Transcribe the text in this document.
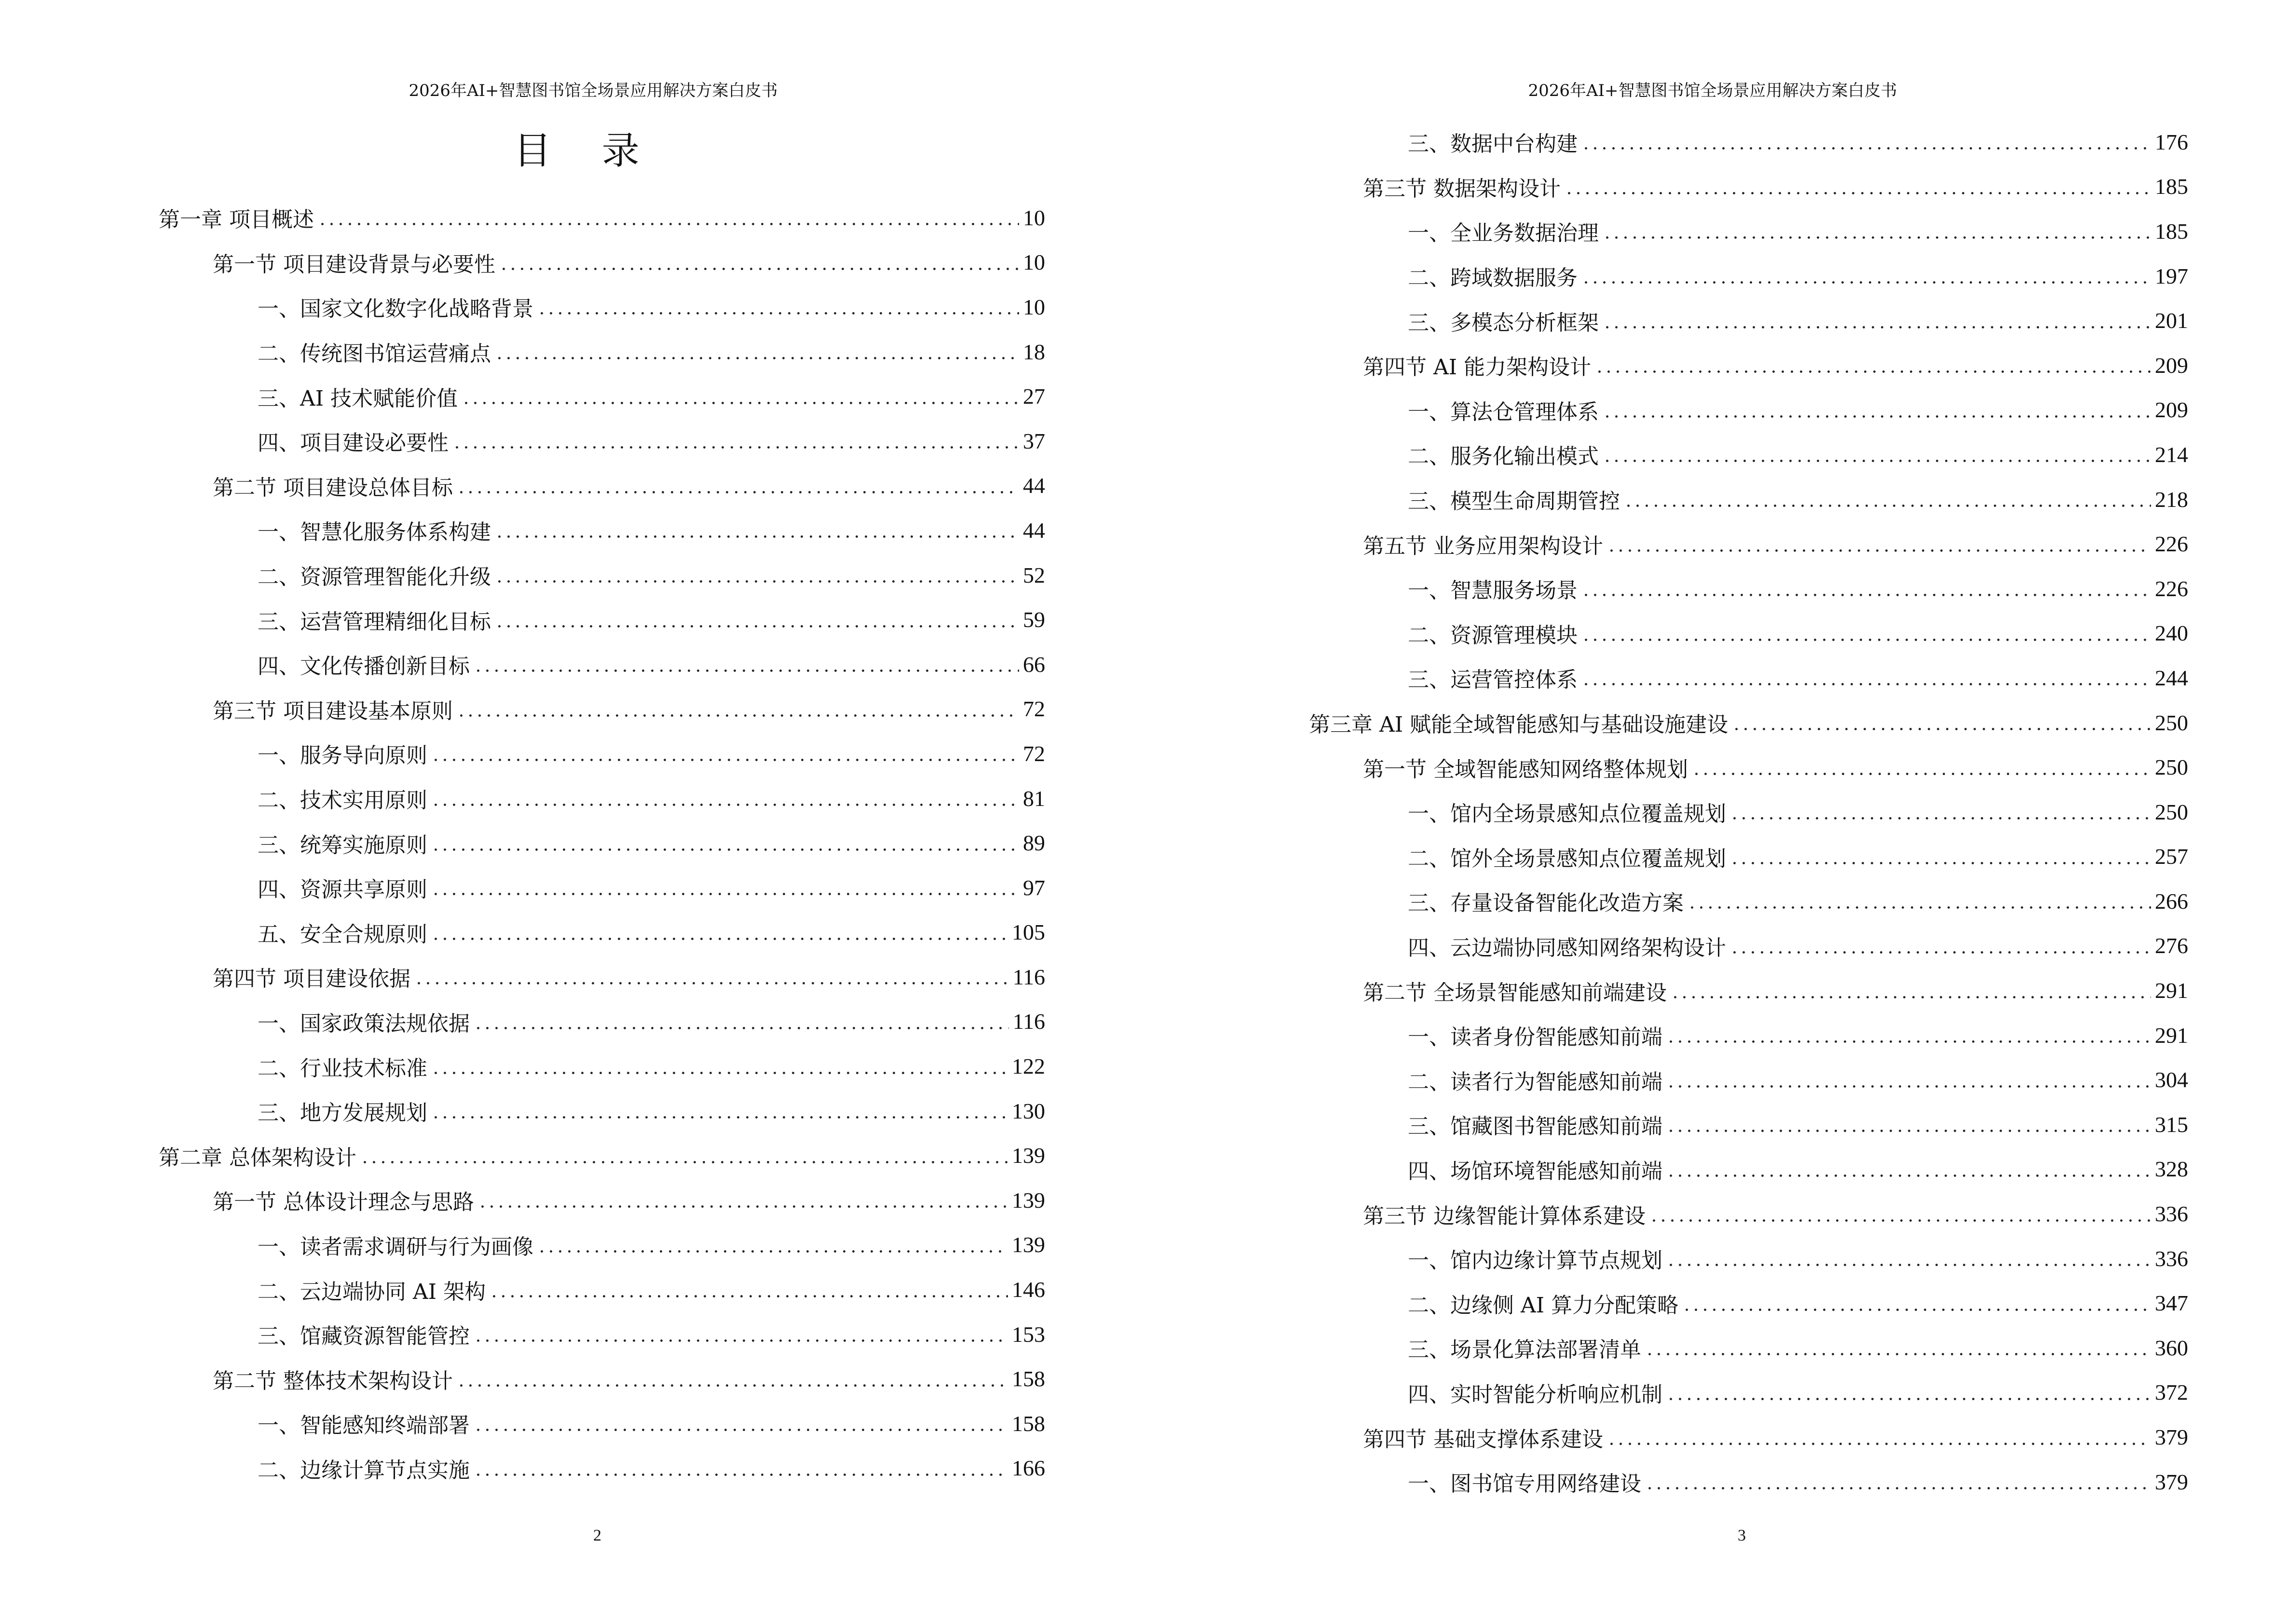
2026年AI+智慧图书馆全场景应用解决方案白皮书
目 录
第一章 项目概述	10
第一节 项目建设背景与必要性	10
一、国家文化数字化战略背景	10
二、传统图书馆运营痛点	18
三、AI 技术赋能价值	27
四、项目建设必要性	37
第二节 项目建设总体目标	44
一、智慧化服务体系构建	44
二、资源管理智能化升级	52
三、运营管理精细化目标	59
四、文化传播创新目标	66
第三节 项目建设基本原则	72
一、服务导向原则	72
二、技术实用原则	81
三、统筹实施原则	89
四、资源共享原则	97
五、安全合规原则	105
第四节 项目建设依据	116
一、国家政策法规依据	116
二、行业技术标准	122
三、地方发展规划	130
第二章 总体架构设计	139
第一节 总体设计理念与思路	139
一、读者需求调研与行为画像	139
二、云边端协同 AI 架构	146
三、馆藏资源智能管控	153
第二节 整体技术架构设计	158
一、智能感知终端部署	158
二、边缘计算节点实施	166
2
2026年AI+智慧图书馆全场景应用解决方案白皮书
三、数据中台构建	176
第三节 数据架构设计	185
一、全业务数据治理	185
二、跨域数据服务	197
三、多模态分析框架	201
第四节 AI 能力架构设计	209
一、算法仓管理体系	209
二、服务化输出模式	214
三、模型生命周期管控	218
第五节 业务应用架构设计	226
一、智慧服务场景	226
二、资源管理模块	240
三、运营管控体系	244
第三章 AI 赋能全域智能感知与基础设施建设	250
第一节 全域智能感知网络整体规划	250
一、馆内全场景感知点位覆盖规划	250
二、馆外全场景感知点位覆盖规划	257
三、存量设备智能化改造方案	266
四、云边端协同感知网络架构设计	276
第二节 全场景智能感知前端建设	291
一、读者身份智能感知前端	291
二、读者行为智能感知前端	304
三、馆藏图书智能感知前端	315
四、场馆环境智能感知前端	328
第三节 边缘智能计算体系建设	336
一、馆内边缘计算节点规划	336
二、边缘侧 AI 算力分配策略	347
三、场景化算法部署清单	360
四、实时智能分析响应机制	372
第四节 基础支撑体系建设	379
一、图书馆专用网络建设	379
3
